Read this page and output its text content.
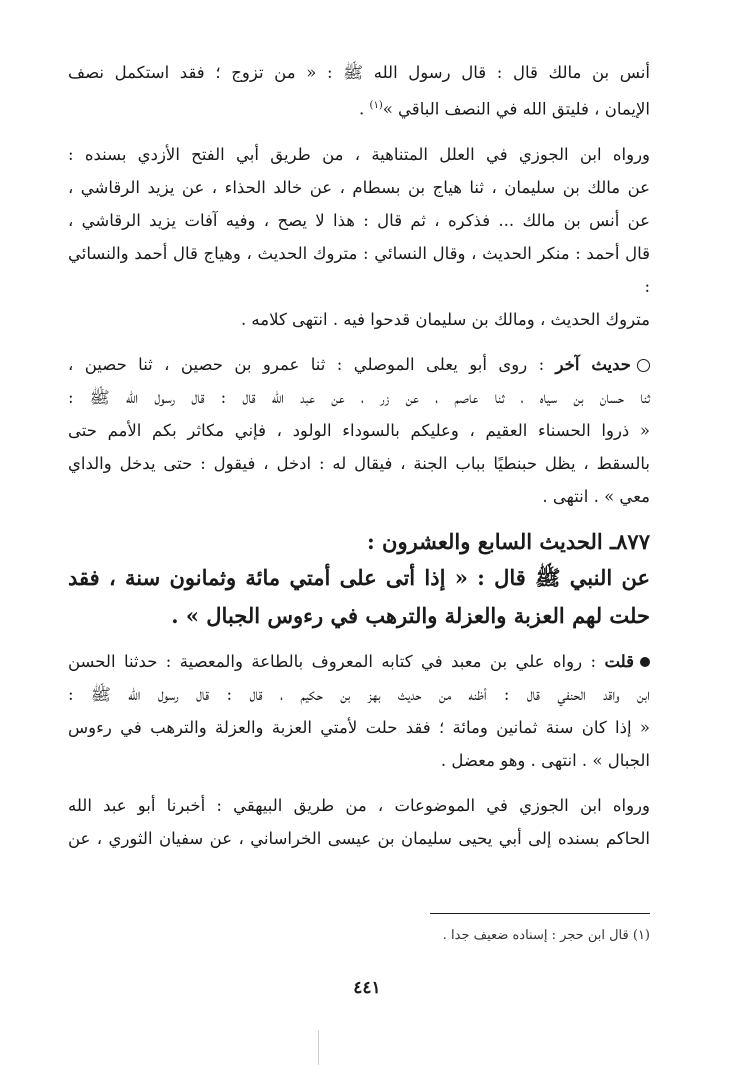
أنس بن مالك قال : قال رسول الله ﷺ : « من تزوج ؛ فقد استكمل نصف
الإيمان ، فليتق الله في النصف الباقي »$^{(١)}$ .
ورواه ابن الجوزي في العلل المتناهية ، من طريق أبي الفتح الأزدي بسنده :
عن مالك بن سليمان ، ثنا هياج بن بسطام ، عن خالد الحذاء ، عن يزيد الرقاشي ،
عن أنس بن مالك ... فذكره ، ثم قال : هذا لا يصح ، وفيه آفات يزيد الرقاشي ،
قال أحمد : منكر الحديث ، وقال النسائي : متروك الحديث ، وهياج قال أحمد والنسائي :
متروك الحديث ، ومالك بن سليمان قدحوا فيه . انتهى كلامه .
حديث آخر : روى أبو يعلى الموصلي : ثنا عمرو بن حصين ، ثنا حصين ،
ثنا حسان بن سياه ، ثنا عاصم ، عن زر ، عن عبد الله قال : قال رسول الله ﷺ :
« ذروا الحسناء العقيم ، وعليكم بالسوداء الولود ، فإني مكاثر بكم الأمم حتى
بالسقط ، يظل حبنطيًا بباب الجنة ، فيقال له : ادخل ، فيقول : حتى يدخل والداي
معي » . انتهى .
٨٧٧ـ الحديث السابع والعشرون :
عن النبي ﷺ قال : « إذا أتى على أمتي مائة وثمانون سنة ، فقد
حلت لهم العزبة والعزلة والترهب في رءوس الجبال » .
قلت : رواه علي بن معبد في كتابه المعروف بالطاعة والمعصية : حدثنا الحسن
ابن واقد الحنفي قال : أظنه من حديث بهز بن حكيم ، قال : قال رسول الله ﷺ :
« إذا كان سنة ثمانين ومائة ؛ فقد حلت لأمتي العزبة والعزلة والترهب في رءوس
الجبال » . انتهى . وهو معضل .
ورواه ابن الجوزي في الموضوعات ، من طريق البيهقي : أخبرنا أبو عبد الله
الحاكم بسنده إلى أبي يحيى سليمان بن عيسى الخراساني ، عن سفيان الثوري ، عن
(١) قال ابن حجر : إسناده ضعيف جدا .
٤٤١
